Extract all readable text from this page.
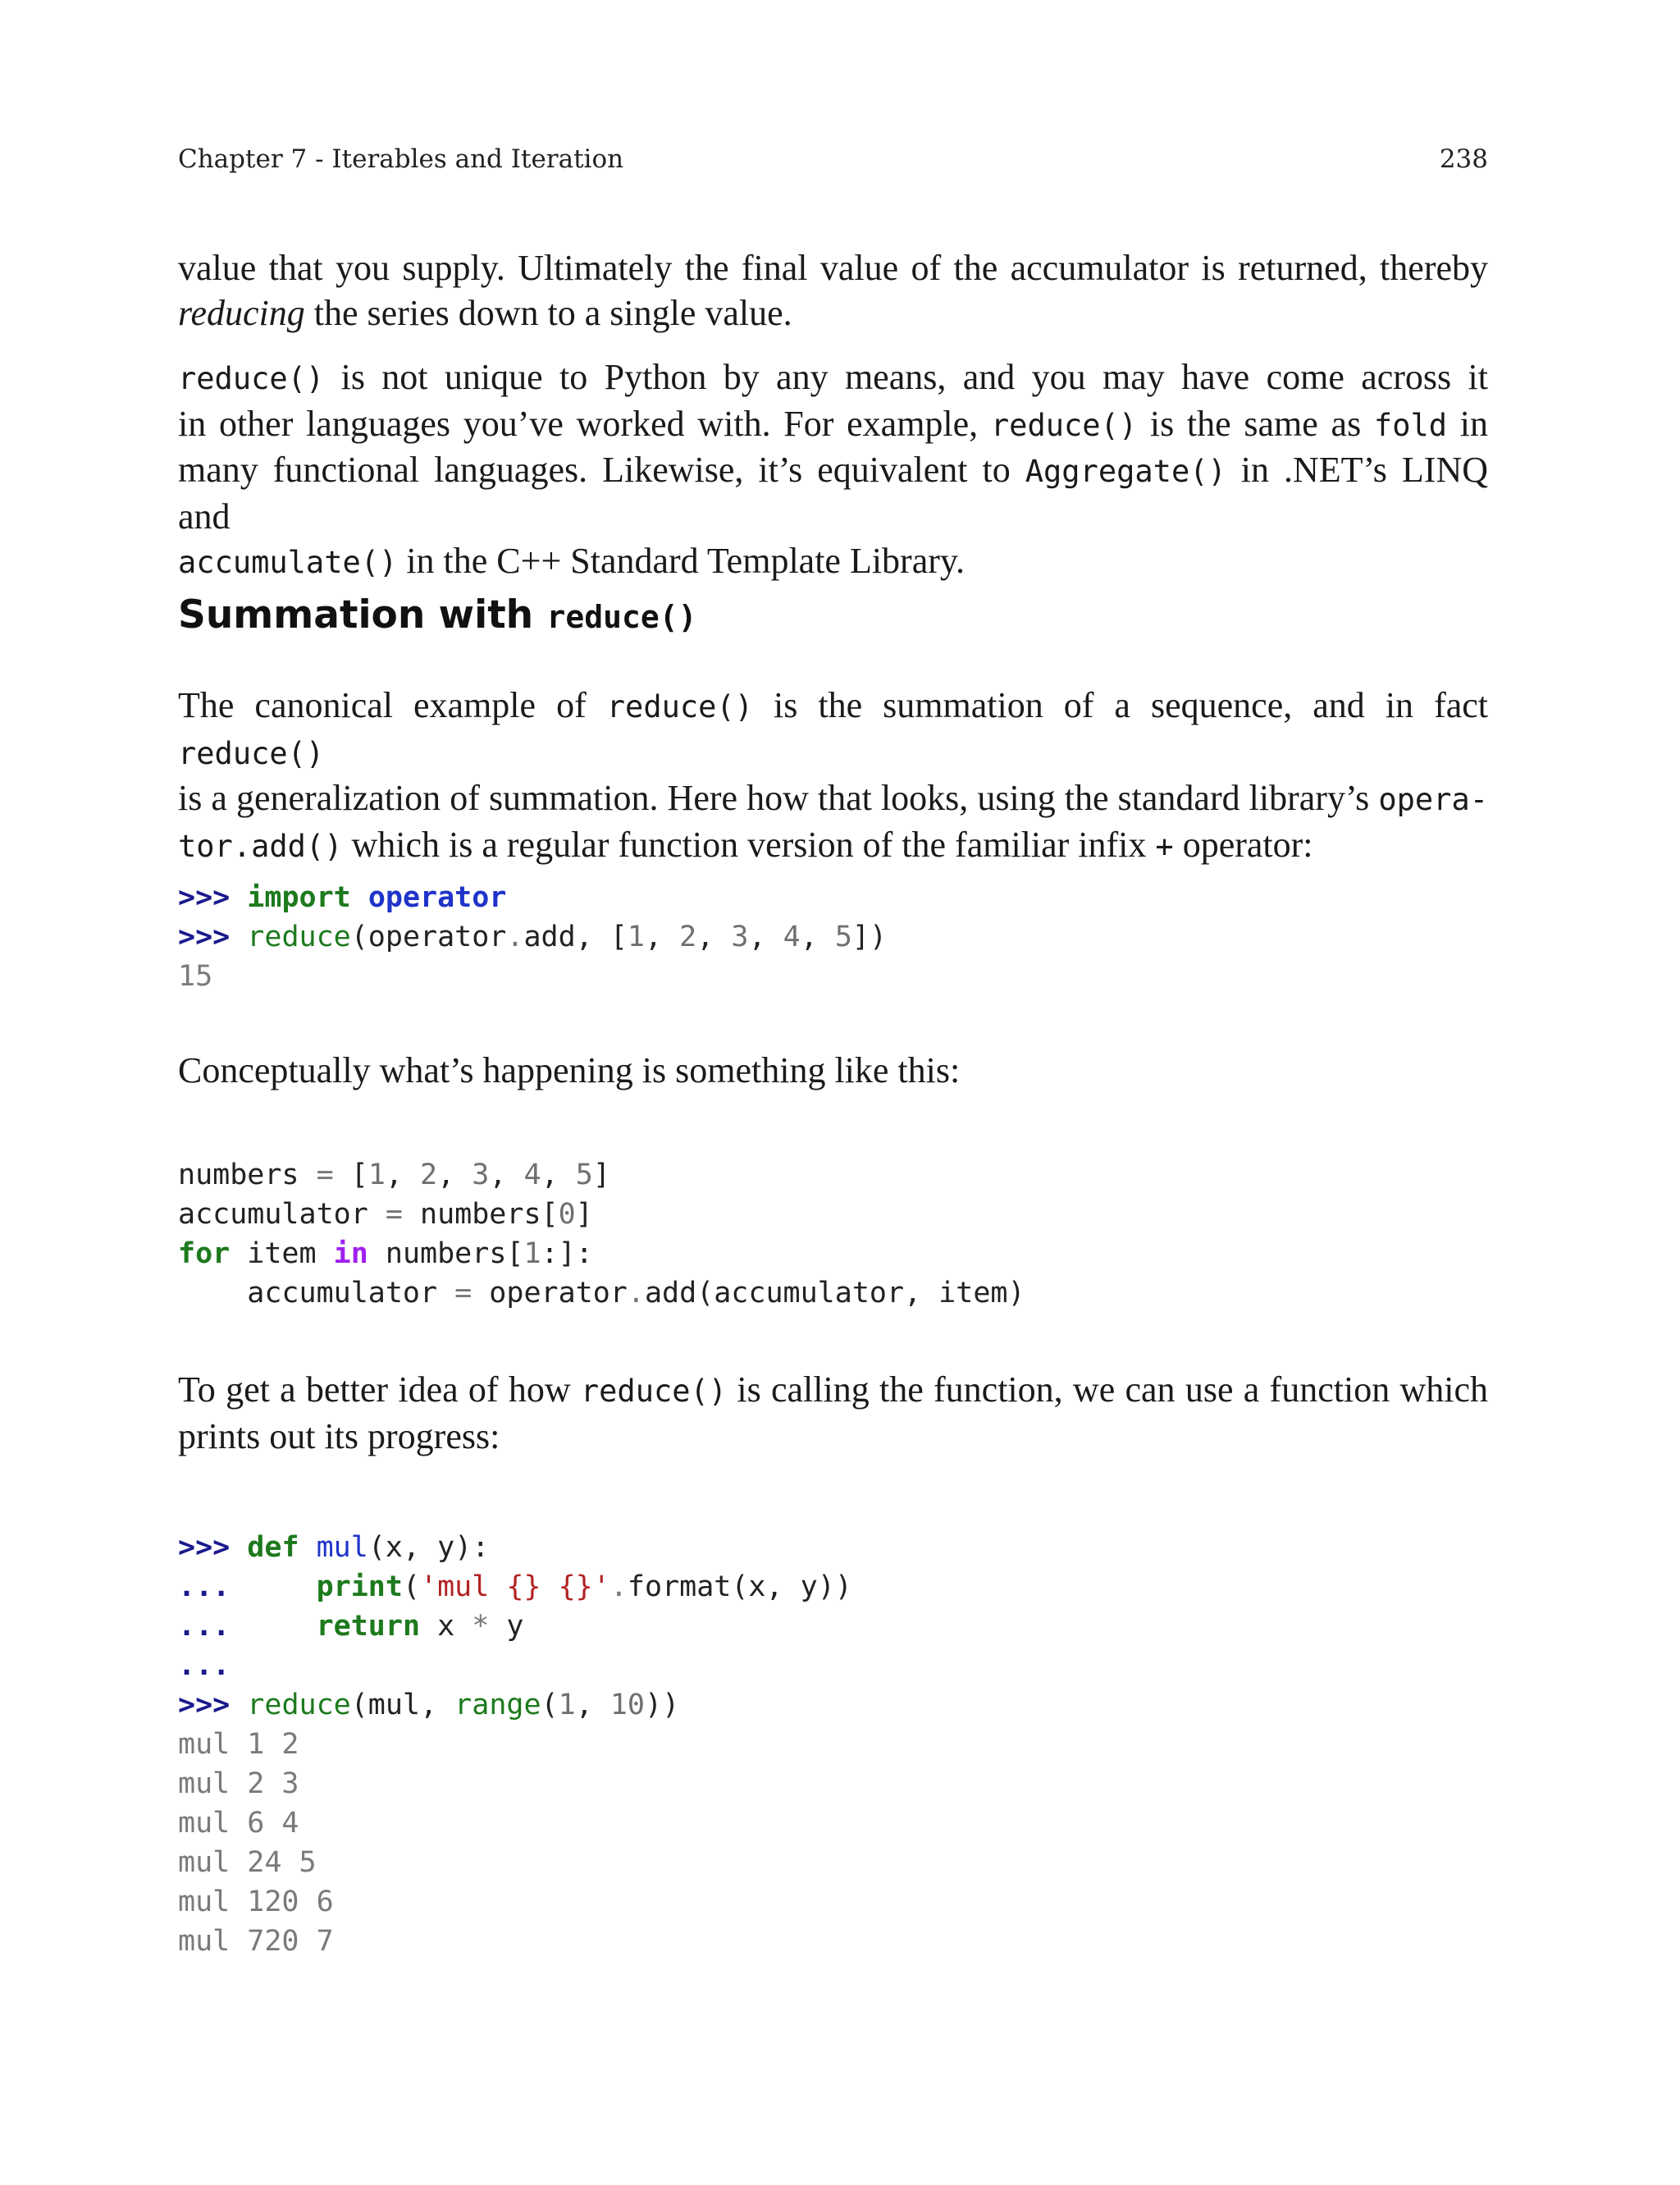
Chapter 7 - Iterables and Iteration	238

value that you supply. Ultimately the final value of the accumulator is returned, thereby
reducing the series down to a single value.

reduce() is not unique to Python by any means, and you may have come across it
in other languages you’ve worked with. For example, reduce() is the same as fold in
many functional languages. Likewise, it’s equivalent to Aggregate() in .NET’s LINQ and
accumulate() in the C++ Standard Template Library.

Summation with reduce()

The canonical example of reduce() is the summation of a sequence, and in fact reduce()
is a generalization of summation. Here how that looks, using the standard library’s opera-
tor.add() which is a regular function version of the familiar infix + operator:

>>> import operator
>>> reduce(operator.add, [1, 2, 3, 4, 5])
15

Conceptually what’s happening is something like this:

numbers = [1, 2, 3, 4, 5]
accumulator = numbers[0]
for item in numbers[1:]:
accumulator = operator.add(accumulator, item)

To get a better idea of how reduce() is calling the function, we can use a function which
prints out its progress:

>>> def mul(x, y):
...	print('mul {} {}'.format(x, y))
...	return x * y
...
>>> reduce(mul, range(1, 10))
mul 1 2
mul 2 3
mul 6 4
mul 24 5
mul 120 6
mul 720 7
